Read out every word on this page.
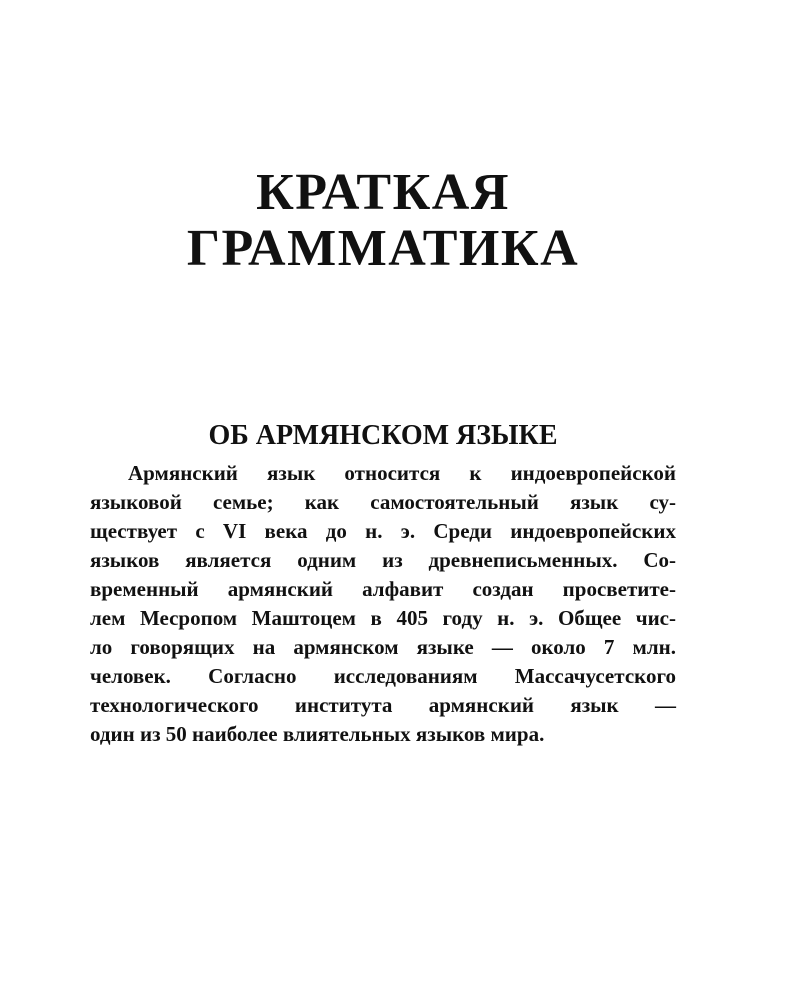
КРАТКАЯ
ГРАММАТИКА
ОБ АРМЯНСКОМ ЯЗЫКЕ
Армянский язык относится к индоевропейской
языковой семье; как самостоятельный язык су-
ществует с VI века до н. э. Среди индоевропейских
языков является одним из древнеписьменных. Со-
временный армянский алфавит создан просветите-
лем Месропом Маштоцем в 405 году н. э. Общее чис-
ло говорящих на армянском языке — около 7 млн.
человек. Согласно исследованиям Массачусетского
технологического института армянский язык —
один из 50 наиболее влиятельных языков мира.
